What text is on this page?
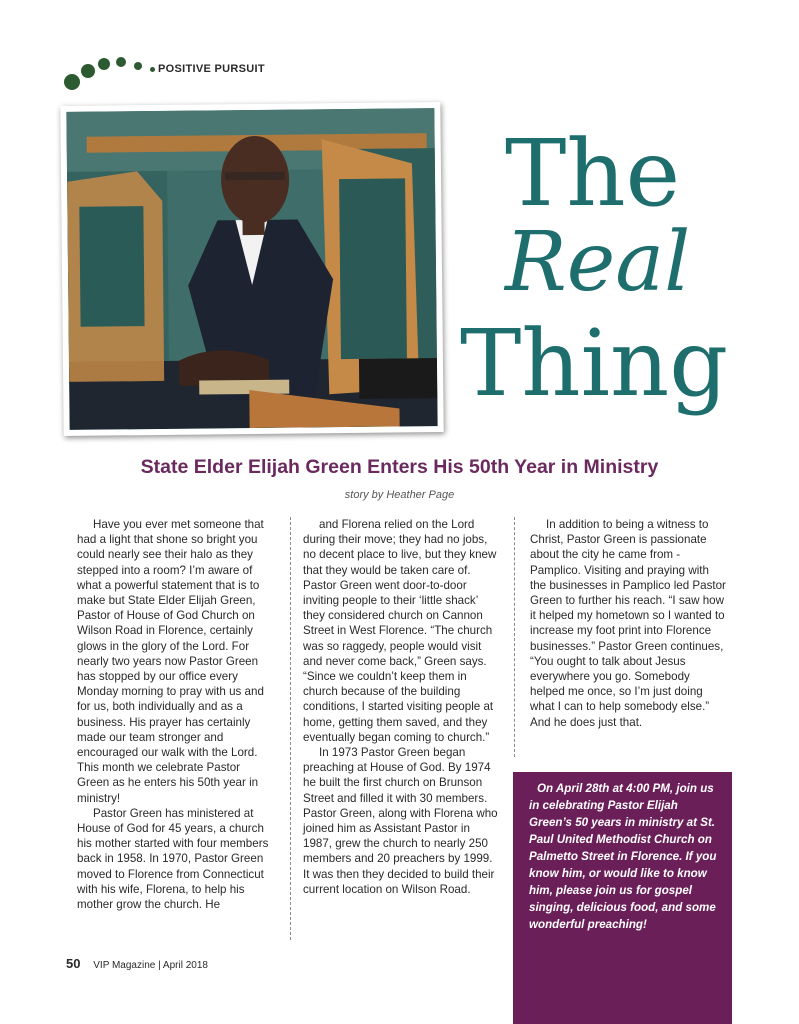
POSITIVE PURSUIT
The
Real
Thing
State Elder Elijah Green Enters His 50th Year in Ministry
story by Heather Page

Have you ever met someone that had a light that shone so bright you could nearly see their halo as they stepped into a room? I’m aware of what a powerful statement that is to make but State Elder Elijah Green, Pastor of House of God Church on Wilson Road in Florence, certainly glows in the glory of the Lord. For nearly two years now Pastor Green has stopped by our office every Monday morning to pray with us and for us, both individually and as a business. His prayer has certainly made our team stronger and encouraged our walk with the Lord. This month we celebrate Pastor Green as he enters his 50th year in ministry!

Pastor Green has ministered at House of God for 45 years, a church his mother started with four members back in 1958. In 1970, Pastor Green moved to Florence from Connecticut with his wife, Florena, to help his mother grow the church. He

and Florena relied on the Lord during their move; they had no jobs, no decent place to live, but they knew that they would be taken care of. Pastor Green went door-to-door inviting people to their ‘little shack’ they considered church on Cannon Street in West Florence. “The church was so raggedy, people would visit and never come back,” Green says. “Since we couldn’t keep them in church because of the building conditions, I started visiting people at home, getting them saved, and they eventually began coming to church.”

In 1973 Pastor Green began preaching at House of God. By 1974 he built the first church on Brunson Street and filled it with 30 members. Pastor Green, along with Florena who joined him as Assistant Pastor in 1987, grew the church to nearly 250 members and 20 preachers by 1999. It was then they decided to build their current location on Wilson Road.

In addition to being a witness to Christ, Pastor Green is passionate about the city he came from - Pamplico. Visiting and praying with the businesses in Pamplico led Pastor Green to further his reach. “I saw how it helped my hometown so I wanted to increase my foot print into Florence businesses.” Pastor Green continues, “You ought to talk about Jesus everywhere you go. Somebody helped me once, so I’m just doing what I can to help somebody else.” And he does just that.

On April 28th at 4:00 PM, join us in celebrating Pastor Elijah Green’s 50 years in ministry at St. Paul United Methodist Church on Palmetto Street in Florence. If you know him, or would like to know him, please join us for gospel singing, delicious food, and some wonderful preaching!
50 VIP Magazine | April 2018
